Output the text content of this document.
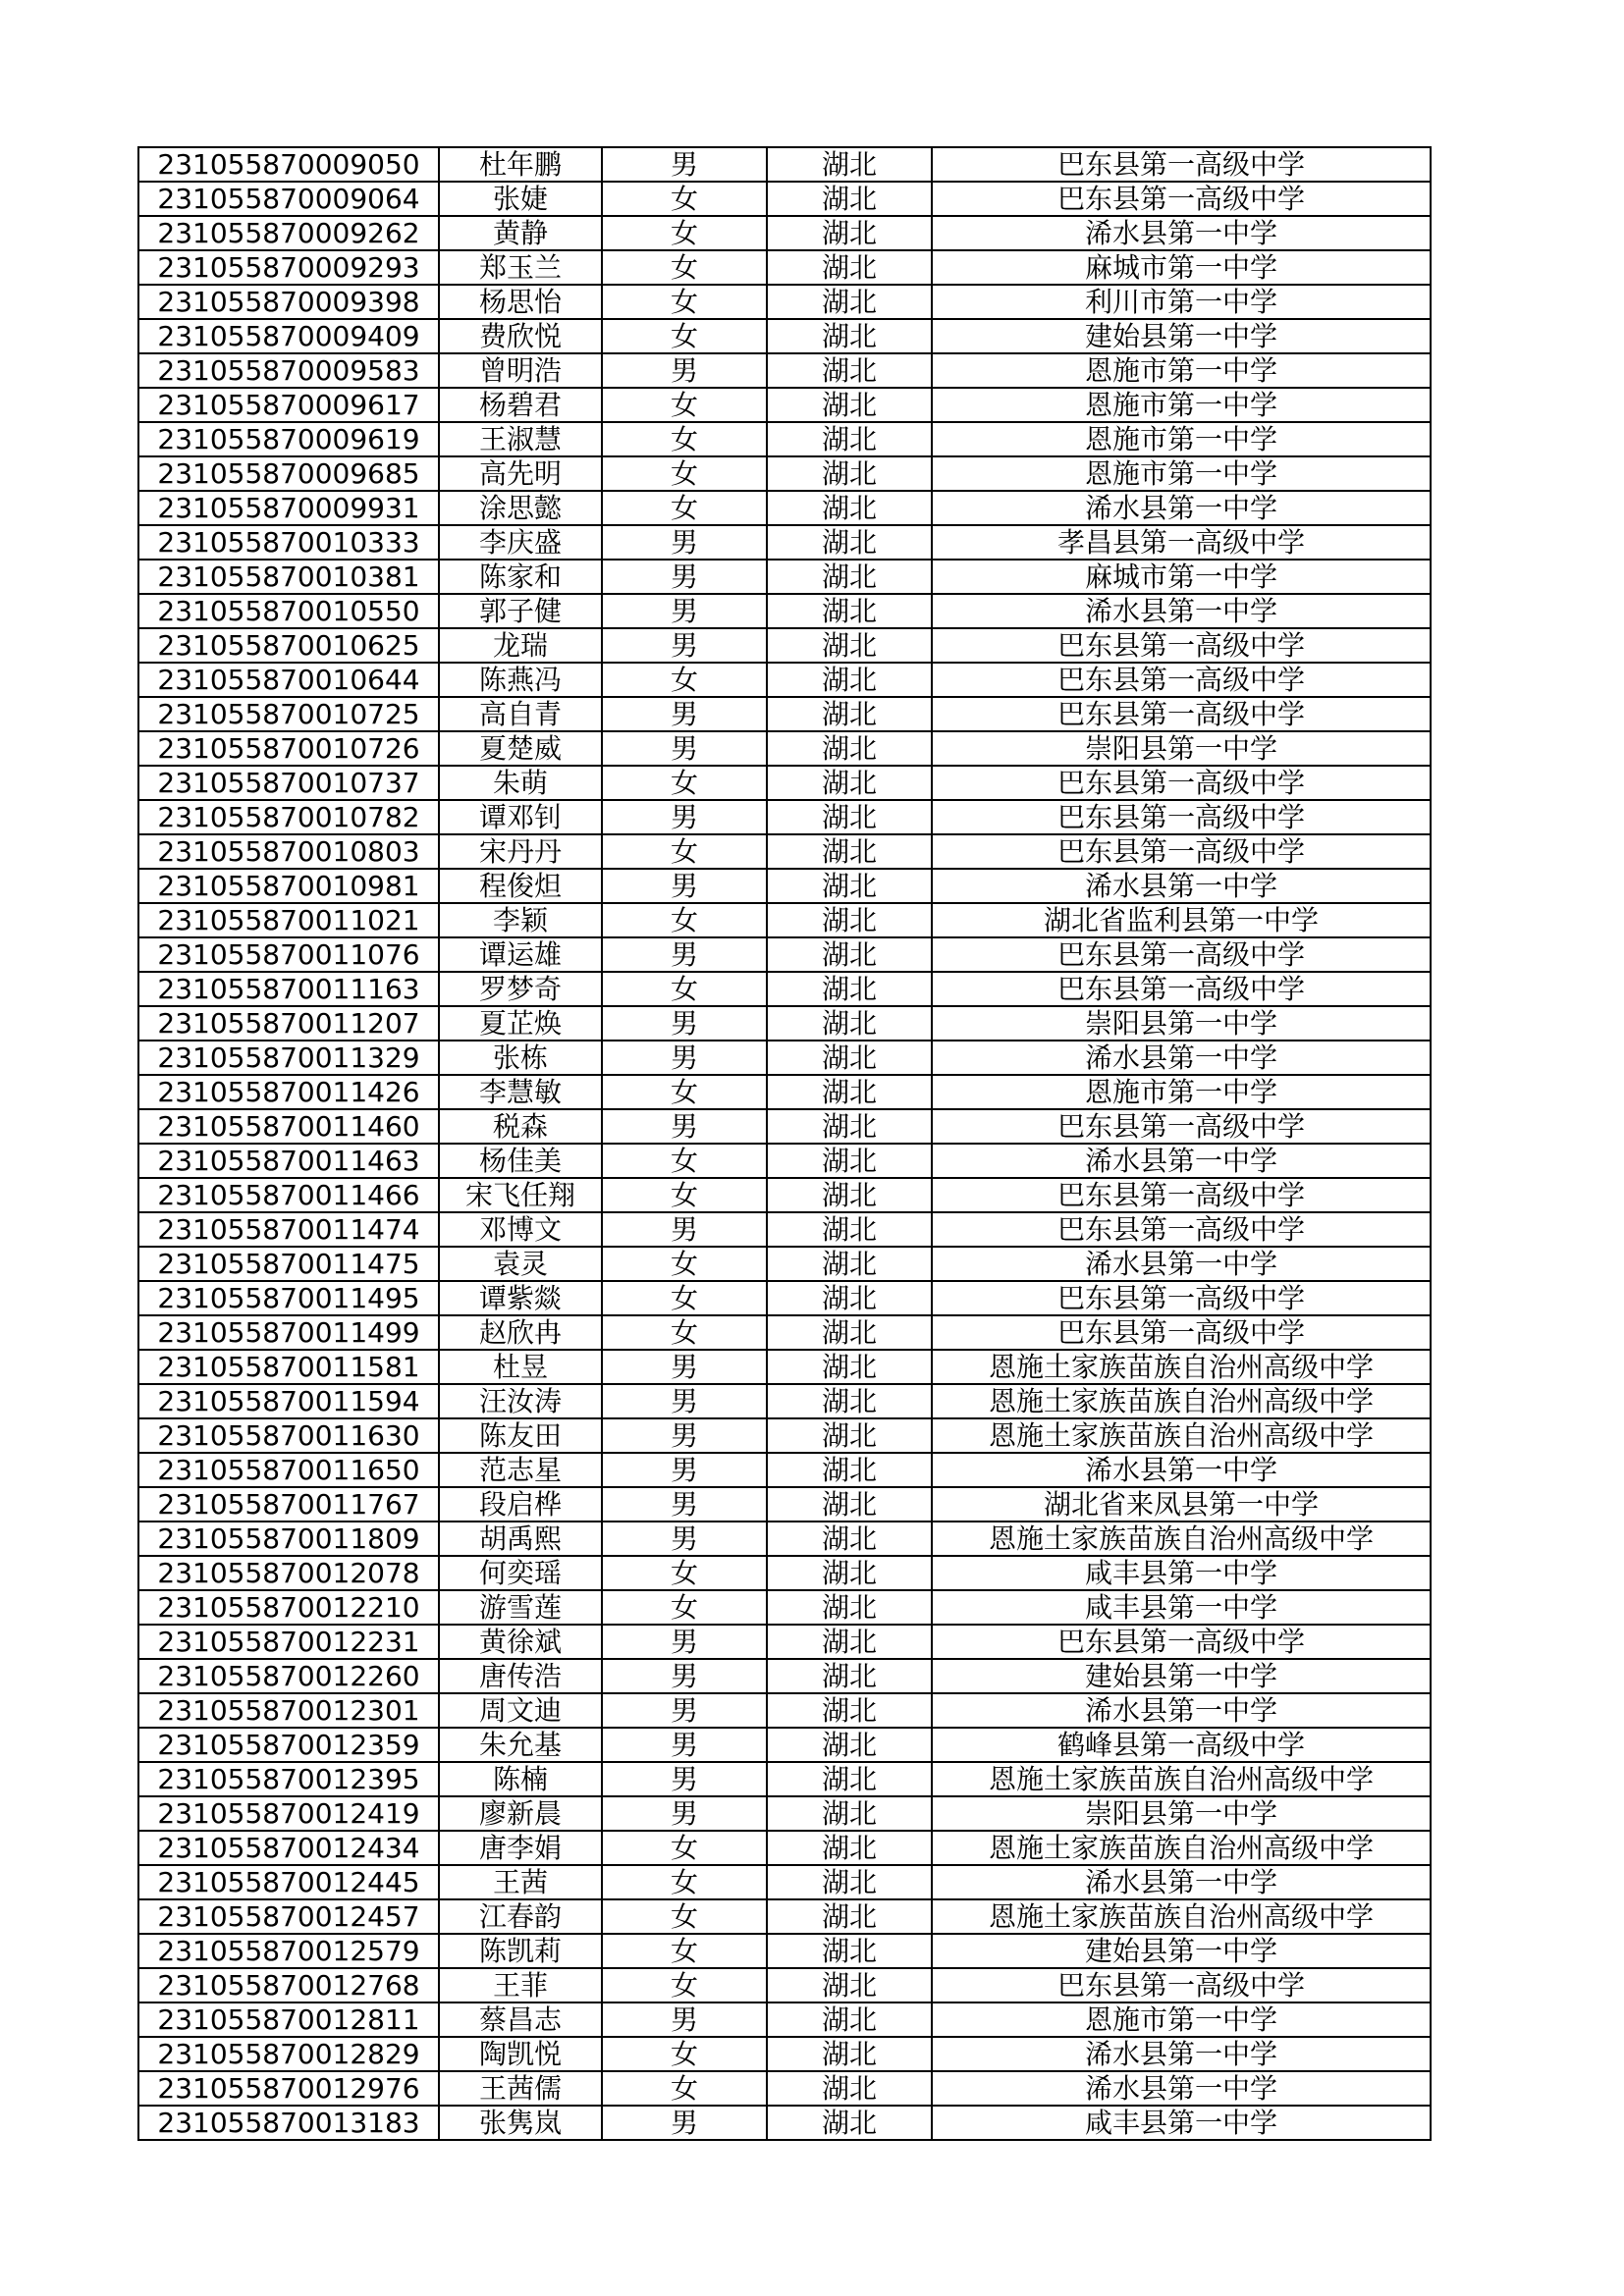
231055870009050	杜年鹏	男	湖北	巴东县第一高级中学
231055870009064	张婕	女	湖北	巴东县第一高级中学
231055870009262	黄静	女	湖北	浠水县第一中学
231055870009293	郑玉兰	女	湖北	麻城市第一中学
231055870009398	杨思怡	女	湖北	利川市第一中学
231055870009409	费欣悦	女	湖北	建始县第一中学
231055870009583	曾明浩	男	湖北	恩施市第一中学
231055870009617	杨碧君	女	湖北	恩施市第一中学
231055870009619	王淑慧	女	湖北	恩施市第一中学
231055870009685	高先明	女	湖北	恩施市第一中学
231055870009931	涂思懿	女	湖北	浠水县第一中学
231055870010333	李庆盛	男	湖北	孝昌县第一高级中学
231055870010381	陈家和	男	湖北	麻城市第一中学
231055870010550	郭子健	男	湖北	浠水县第一中学
231055870010625	龙瑞	男	湖北	巴东县第一高级中学
231055870010644	陈燕冯	女	湖北	巴东县第一高级中学
231055870010725	高自青	男	湖北	巴东县第一高级中学
231055870010726	夏楚威	男	湖北	崇阳县第一中学
231055870010737	朱萌	女	湖北	巴东县第一高级中学
231055870010782	谭邓钊	男	湖北	巴东县第一高级中学
231055870010803	宋丹丹	女	湖北	巴东县第一高级中学
231055870010981	程俊炟	男	湖北	浠水县第一中学
231055870011021	李颖	女	湖北	湖北省监利县第一中学
231055870011076	谭运雄	男	湖北	巴东县第一高级中学
231055870011163	罗梦奇	女	湖北	巴东县第一高级中学
231055870011207	夏芷焕	男	湖北	崇阳县第一中学
231055870011329	张栋	男	湖北	浠水县第一中学
231055870011426	李慧敏	女	湖北	恩施市第一中学
231055870011460	税森	男	湖北	巴东县第一高级中学
231055870011463	杨佳美	女	湖北	浠水县第一中学
231055870011466	宋飞任翔	女	湖北	巴东县第一高级中学
231055870011474	邓博文	男	湖北	巴东县第一高级中学
231055870011475	袁灵	女	湖北	浠水县第一中学
231055870011495	谭紫燚	女	湖北	巴东县第一高级中学
231055870011499	赵欣冉	女	湖北	巴东县第一高级中学
231055870011581	杜昱	男	湖北	恩施土家族苗族自治州高级中学
231055870011594	汪汝涛	男	湖北	恩施土家族苗族自治州高级中学
231055870011630	陈友田	男	湖北	恩施土家族苗族自治州高级中学
231055870011650	范志星	男	湖北	浠水县第一中学
231055870011767	段启桦	男	湖北	湖北省来凤县第一中学
231055870011809	胡禹熙	男	湖北	恩施土家族苗族自治州高级中学
231055870012078	何奕瑶	女	湖北	咸丰县第一中学
231055870012210	游雪莲	女	湖北	咸丰县第一中学
231055870012231	黄徐斌	男	湖北	巴东县第一高级中学
231055870012260	唐传浩	男	湖北	建始县第一中学
231055870012301	周文迪	男	湖北	浠水县第一中学
231055870012359	朱允基	男	湖北	鹤峰县第一高级中学
231055870012395	陈楠	男	湖北	恩施土家族苗族自治州高级中学
231055870012419	廖新晨	男	湖北	崇阳县第一中学
231055870012434	唐李娟	女	湖北	恩施土家族苗族自治州高级中学
231055870012445	王茜	女	湖北	浠水县第一中学
231055870012457	江春韵	女	湖北	恩施土家族苗族自治州高级中学
231055870012579	陈凯莉	女	湖北	建始县第一中学
231055870012768	王菲	女	湖北	巴东县第一高级中学
231055870012811	蔡昌志	男	湖北	恩施市第一中学
231055870012829	陶凯悦	女	湖北	浠水县第一中学
231055870012976	王茜儒	女	湖北	浠水县第一中学
231055870013183	张隽岚	男	湖北	咸丰县第一中学
